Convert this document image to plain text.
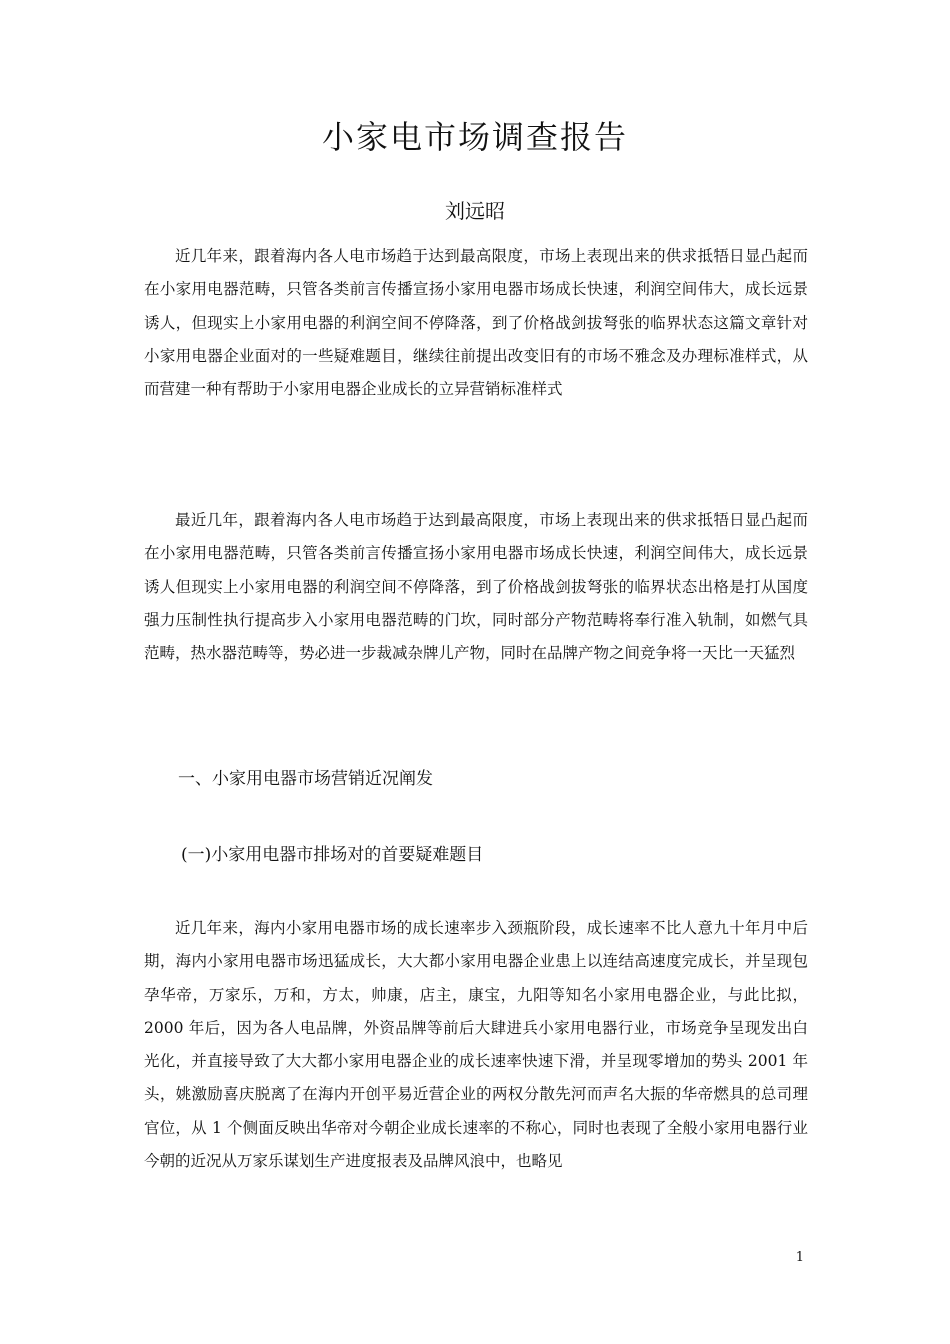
小家电市场调查报告

刘远昭

近几年来，跟着海内各人电市场趋于达到最高限度，市场上表现出来的供求抵牾日显凸起而在小家用电器范畴，只管各类前言传播宣扬小家用电器市场成长快速，利润空间伟大，成长远景诱人，但现实上小家用电器的利润空间不停降落，到了价格战剑拔弩张的临界状态这篇文章针对小家用电器企业面对的一些疑难题目，继续往前提出改变旧有的市场不雅念及办理标准样式，从而营建一种有帮助于小家用电器企业成长的立异营销标准样式

最近几年，跟着海内各人电市场趋于达到最高限度，市场上表现出来的供求抵牾日显凸起而在小家用电器范畴，只管各类前言传播宣扬小家用电器市场成长快速，利润空间伟大，成长远景诱人但现实上小家用电器的利润空间不停降落，到了价格战剑拔弩张的临界状态出格是打从国度强力压制性执行提高步入小家用电器范畴的门坎，同时部分产物范畴将奉行准入轨制，如燃气具范畴，热水器范畴等，势必进一步裁减杂牌儿产物，同时在品牌产物之间竞争将一天比一天猛烈

一、小家用电器市场营销近况阐发
(一)小家用电器市排场对的首要疑难题目

近几年来，海内小家用电器市场的成长速率步入颈瓶阶段，成长速率不比人意九十年月中后期，海内小家用电器市场迅猛成长，大大都小家用电器企业患上以连结高速度完成长，并呈现包孕华帝，万家乐，万和，方太，帅康，店主，康宝，九阳等知名小家用电器企业，与此比拟，2000 年后，因为各人电品牌，外资品牌等前后大肆进兵小家用电器行业，市场竞争呈现发出白光化，并直接导致了大大都小家用电器企业的成长速率快速下滑，并呈现零增加的势头 2001 年头，姚激励喜庆脱离了在海内开创平易近营企业的两权分散先河而声名大振的华帝燃具的总司理官位，从 1 个侧面反映出华帝对今朝企业成长速率的不称心，同时也表现了全般小家用电器行业今朝的近况从万家乐谋划生产进度报表及品牌风浪中，也略见

1
